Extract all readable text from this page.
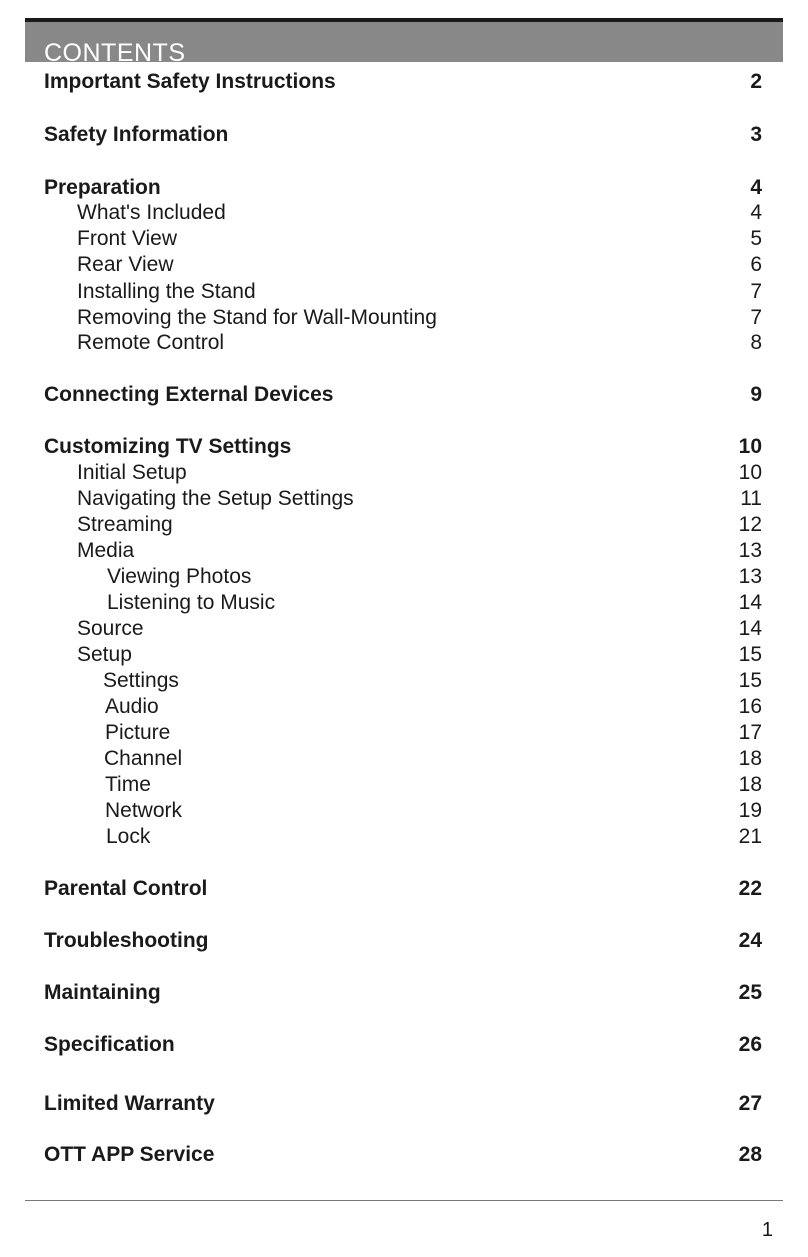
CONTENTS
Important Safety Instructions	2
Safety Information	3
Preparation	4
What's Included	4
Front View	5
Rear View	6
Installing the Stand	7
Removing the Stand for Wall-Mounting	7
Remote Control	8
Connecting External Devices	9
Customizing TV Settings	10
Initial Setup	10
Navigating the Setup Settings	11
Streaming	12
Media	13
Viewing Photos	13
Listening to Music	14
Source	14
Setup	15
Settings	15
Audio	16
Picture	17
Channel	18
Time	18
Network	19
Lock	21
Parental Control	22
Troubleshooting	24
Maintaining	25
Specification	26
Limited Warranty	27
OTT APP Service	28
1
